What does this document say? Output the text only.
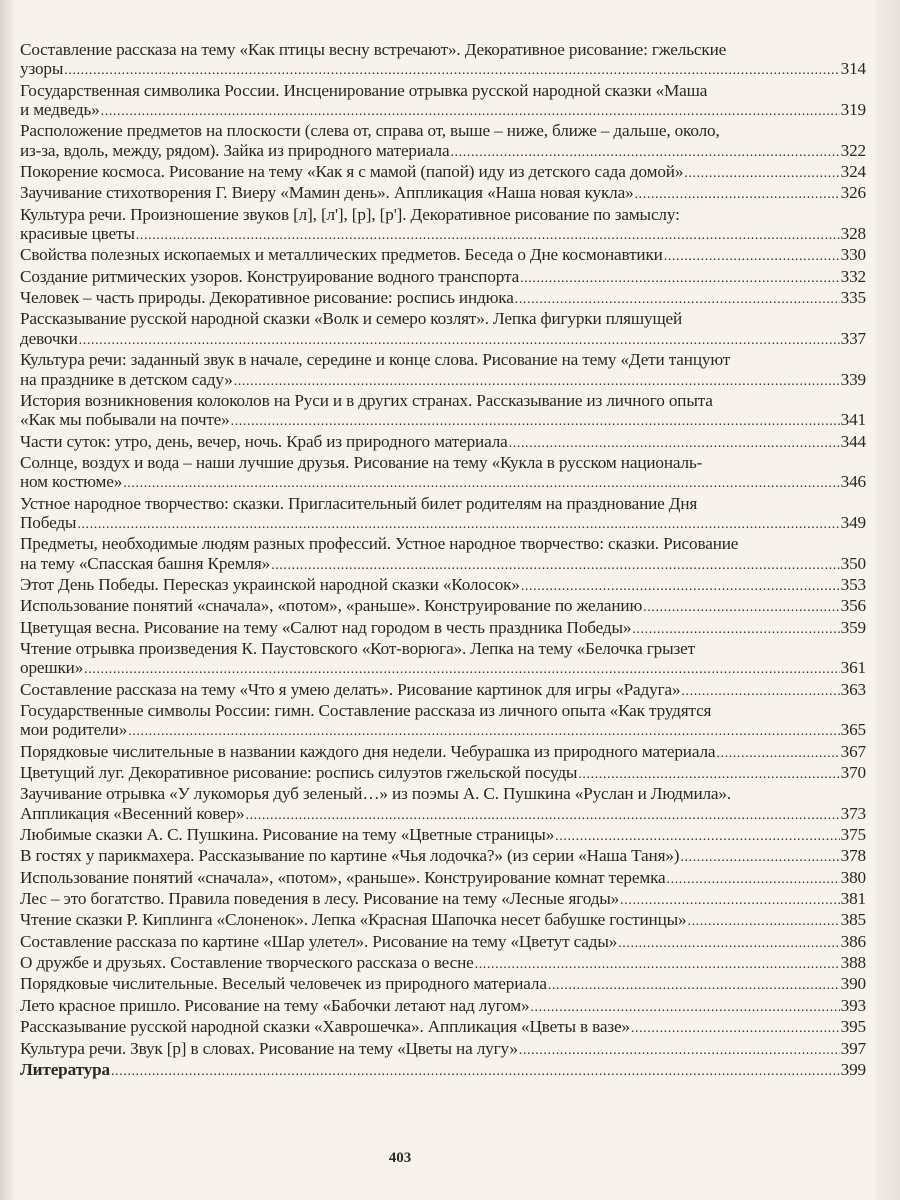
Составление рассказа на тему «Как птицы весну встречают». Декоративное рисование: гжельские
узоры .....	314
Государственная символика России. Инсценирование отрывка русской народной сказки «Маша
и медведь» .....	319
Расположение предметов на плоскости (слева от, справа от, выше – ниже, ближе – дальше, около,
из-за, вдоль, между, рядом). Зайка из природного материала .....	322
Покорение космоса. Рисование на тему «Как я с мамой (папой) иду из детского сада домой» .....	324
Заучивание стихотворения Г. Виеру «Мамин день». Аппликация «Наша новая кукла» .....	326
Культура речи. Произношение звуков [л], [л'], [р], [р']. Декоративное рисование по замыслу:
красивые цветы .....	328
Свойства полезных ископаемых и металлических предметов. Беседа о Дне космонавтики .....	330
Создание ритмических узоров. Конструирование водного транспорта .....	332
Человек – часть природы. Декоративное рисование: роспись индюка .....	335
Рассказывание русской народной сказки «Волк и семеро козлят». Лепка фигурки пляшущей
девочки .....	337
Культура речи: заданный звук в начале, середине и конце слова. Рисование на тему «Дети танцуют
на празднике в детском саду» .....	339
История возникновения колоколов на Руси и в других странах. Рассказывание из личного опыта
«Как мы побывали на почте» .....	341
Части суток: утро, день, вечер, ночь. Краб из природного материала .....	344
Солнце, воздух и вода – наши лучшие друзья. Рисование на тему «Кукла в русском националь-
ном костюме» .....	346
Устное народное творчество: сказки. Пригласительный билет родителям на празднование Дня
Победы .....	349
Предметы, необходимые людям разных профессий. Устное народное творчество: сказки. Рисование
на тему «Спасская башня Кремля» .....	350
Этот День Победы. Пересказ украинской народной сказки «Колосок» .....	353
Использование понятий «сначала», «потом», «раньше». Конструирование по желанию .....	356
Цветущая весна. Рисование на тему «Салют над городом в честь праздника Победы» .....	359
Чтение отрывка произведения К. Паустовского «Кот-ворюга». Лепка на тему «Белочка грызет
орешки» .....	361
Составление рассказа на тему «Что я умею делать». Рисование картинок для игры «Радуга» .....	363
Государственные символы России: гимн. Составление рассказа из личного опыта «Как трудятся
мои родители» .....	365
Порядковые числительные в названии каждого дня недели. Чебурашка из природного материала .....	367
Цветущий луг. Декоративное рисование: роспись силуэтов гжельской посуды .....	370
Заучивание отрывка «У лукоморья дуб зеленый…» из поэмы А. С. Пушкина «Руслан и Людмила».
Аппликация «Весенний ковер» .....	373
Любимые сказки А. С. Пушкина. Рисование на тему «Цветные страницы» .....	375
В гостях у парикмахера. Рассказывание по картине «Чья лодочка?» (из серии «Наша Таня») .....	378
Использование понятий «сначала», «потом», «раньше». Конструирование комнат теремка .....	380
Лес – это богатство. Правила поведения в лесу. Рисование на тему «Лесные ягоды» .....	381
Чтение сказки Р. Киплинга «Слоненок». Лепка «Красная Шапочка несет бабушке гостинцы» .....	385
Составление рассказа по картине «Шар улетел». Рисование на тему «Цветут сады» .....	386
О дружбе и друзьях. Составление творческого рассказа о весне .....	388
Порядковые числительные. Веселый человечек из природного материала .....	390
Лето красное пришло. Рисование на тему «Бабочки летают над лугом» .....	393
Рассказывание русской народной сказки «Хаврошечка». Аппликация «Цветы в вазе» .....	395
Культура речи. Звук [р] в словах. Рисование на тему «Цветы на лугу» .....	397
Литература .....	399
403
